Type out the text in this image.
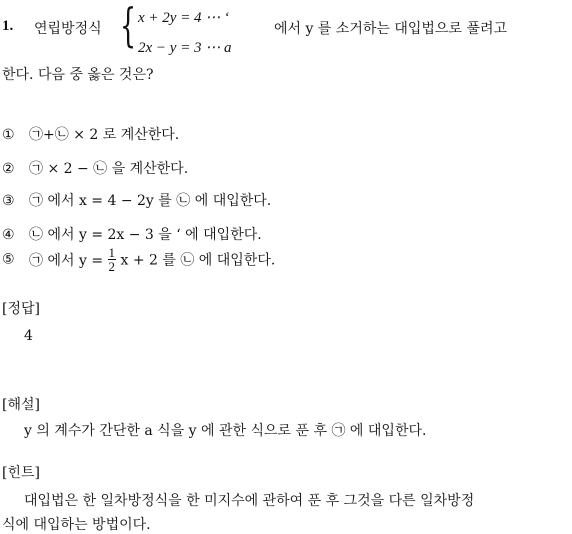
1. 연립방정식 { x + 2y = 4 ⋯ ‘
2x − y = 3 ⋯ a
에서 y 를 소거하는 대입법으로 풀려고
한다. 다음 중 옳은 것은?
① ㉠+㉡ × 2 로 계산한다.
② ㉠ × 2 − ㉡ 을 계산한다.
③ ㉠ 에서 x = 4 − 2y 를 ㉡ 에 대입한다.
④ ㉡ 에서 y = 2x − 3 을 ‘ 에 대입한다.
⑤ ㉠ 에서 $y = \frac{1}{2}$ x + 2 를 ㉡ 에 대입한다.
[정답]
4
[해설]
y 의 계수가 간단한 a 식을 y 에 관한 식으로 푼 후 ㉠ 에 대입한다.
[힌트]
대입법은 한 일차방정식을 한 미지수에 관하여 푼 후 그것을 다른 일차방정
식에 대입하는 방법이다.
